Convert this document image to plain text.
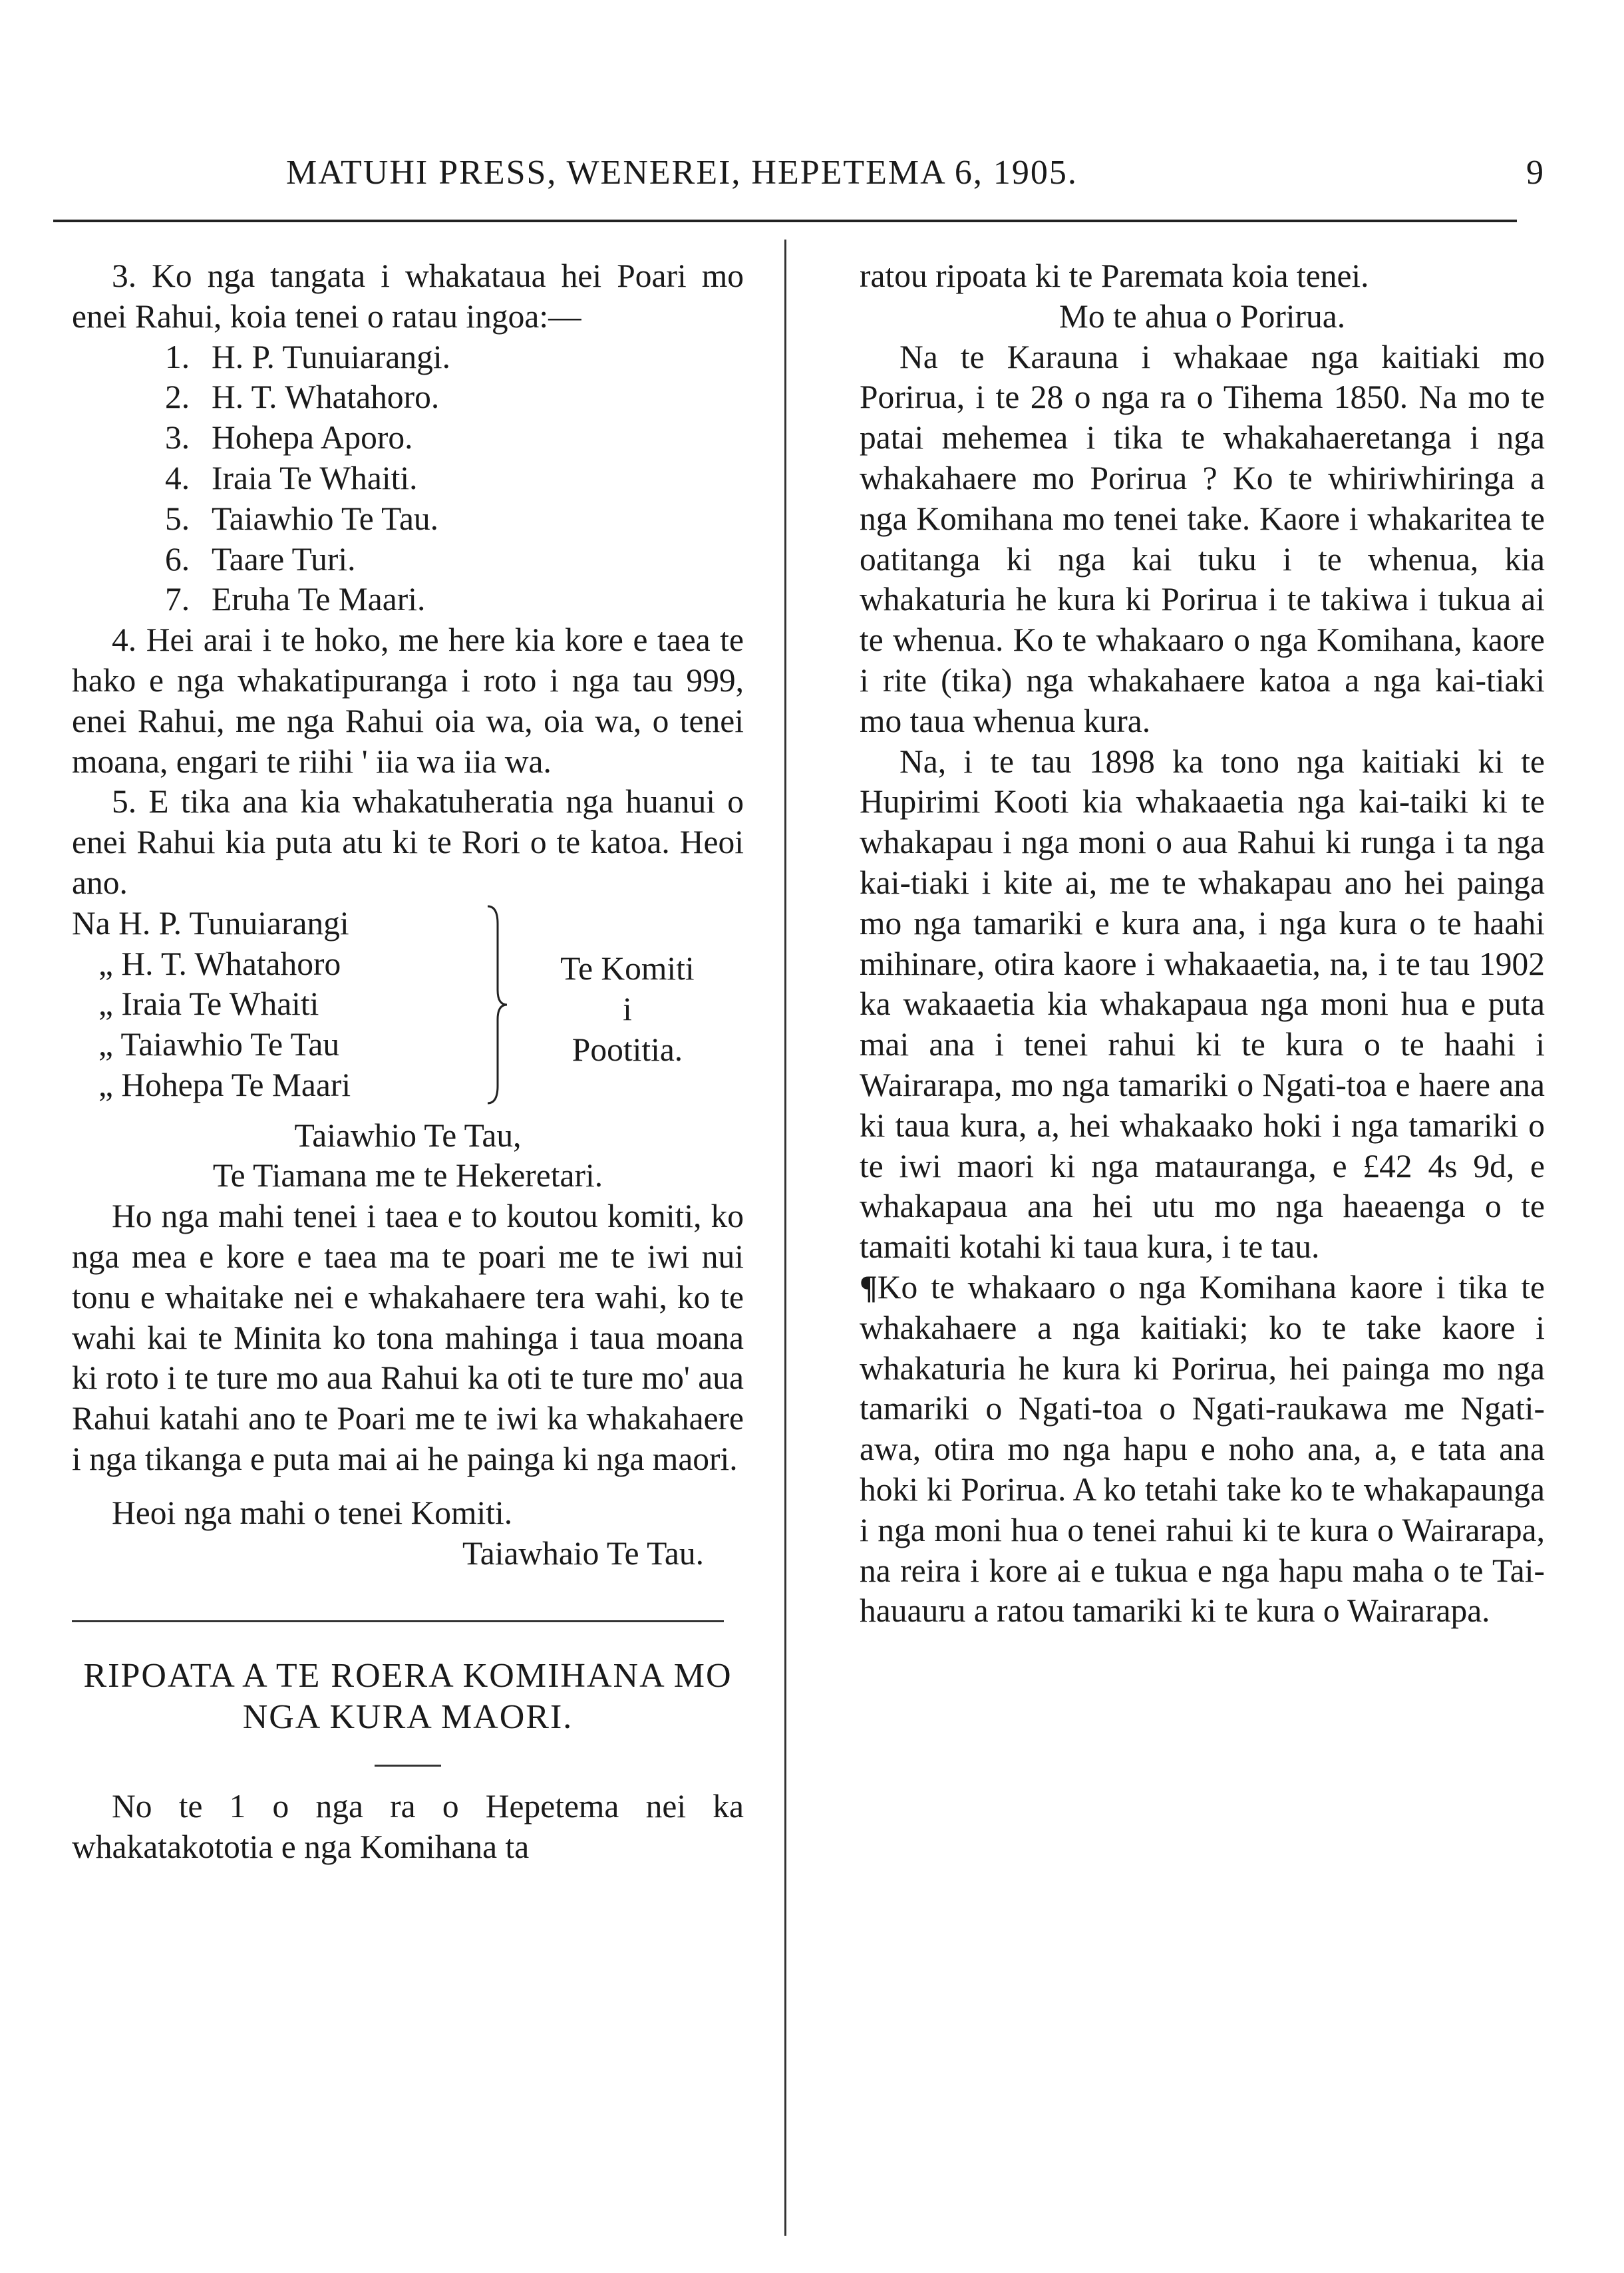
MATUHI PRESS, WENEREI, HEPETEMA 6, 1905.	9

3. Ko nga tangata i whakataua hei Poari mo enei Rahui, koia tenei o ratau ingoa:—

1. H. P. Tunuiarangi.

2. H. T. Whatahoro.

3. Hohepa Aporo.

4. Iraia Te Whaiti.

5. Taiawhio Te Tau.

6. Taare Turi.

7. Eruha Te Maari.

4. Hei arai i te hoko, me here kia kore e taea te hako e nga whakatipuranga i roto i nga tau 999, enei Rahui, me nga Rahui oia wa, oia wa, o tenei moana, engari te riihi ' iia wa iia wa.

5. E tika ana kia whakatuheratia nga huanui o enei Rahui kia puta atu ki te Rori o te katoa. Heoi ano.

Na H. P. Tunuiarangi
„ H. T. Whatahoro
„ Iraia Te Whaiti
„ Taiawhio Te Tau
„ Hohepa Te Maari
Te Komiti
i
Pootitia.

Taiawhio Te Tau,

Te Tiamana me te Hekeretari.

Ho nga mahi tenei i taea e to koutou komiti, ko nga mea e kore e taea ma te poari me te iwi nui tonu e whaitake nei e whakahaere tera wahi, ko te wahi kai te Minita ko tona mahinga i taua moana ki roto i te ture mo aua Rahui ka oti te ture mo' aua Rahui katahi ano te Poari me te iwi ka whakahaere i nga tikanga e puta mai ai he painga ki nga maori.

Heoi nga mahi o tenei Komiti.

Taiawhaio Te Tau.

RIPOATA A TE ROERA KOMIHANA MO NGA KURA MAORI.

No te 1 o nga ra o Hepetema nei ka whakatakototia e nga Komihana ta

ratou ripoata ki te Paremata koia tenei.

Mo te ahua o Porirua.

Na te Karauna i whakaae nga kaitiaki mo Porirua, i te 28 o nga ra o Tihema 1850. Na mo te patai mehemea i tika te whakahaeretanga i nga whakahaere mo Porirua ? Ko te whiriwhiringa a nga Komihana mo tenei take. Kaore i whakaritea te oatitanga ki nga kai tuku i te whenua, kia whakaturia he kura ki Porirua i te takiwa i tukua ai te whenua. Ko te whakaaro o nga Komihana, kaore i rite (tika) nga whakahaere katoa a nga kai-tiaki mo taua whenua kura.

Na, i te tau 1898 ka tono nga kaitiaki ki te Hupirimi Kooti kia whakaaetia nga kai-taiki ki te whakapau i nga moni o aua Rahui ki runga i ta nga kai-tiaki i kite ai, me te whakapau ano hei painga mo nga tamariki e kura ana, i nga kura o te haahi mihinare, otira kaore i whakaaetia, na, i te tau 1902 ka wakaaetia kia whakapaua nga moni hua e puta mai ana i tenei rahui ki te kura o te haahi i Wairarapa, mo nga tamariki o Ngati-toa e haere ana ki taua kura, a, hei whakaako hoki i nga tamariki o te iwi maori ki nga matauranga, e £42 4s 9d, e whakapaua ana hei utu mo nga haeaenga o te tamaiti kotahi ki taua kura, i te tau.

¶Ko te whakaaro o nga Komihana kaore i tika te whakahaere a nga kaitiaki; ko te take kaore i whakaturia he kura ki Porirua, hei painga mo nga tamariki o Ngati-toa o Ngati-raukawa me Ngati-awa, otira mo nga hapu e noho ana, a, e tata ana hoki ki Porirua. A ko tetahi take ko te whakapaunga i nga moni hua o tenei rahui ki te kura o Wairarapa, na reira i kore ai e tukua e nga hapu maha o te Tai-hauauru a ratou tamariki ki te kura o Wairarapa.
